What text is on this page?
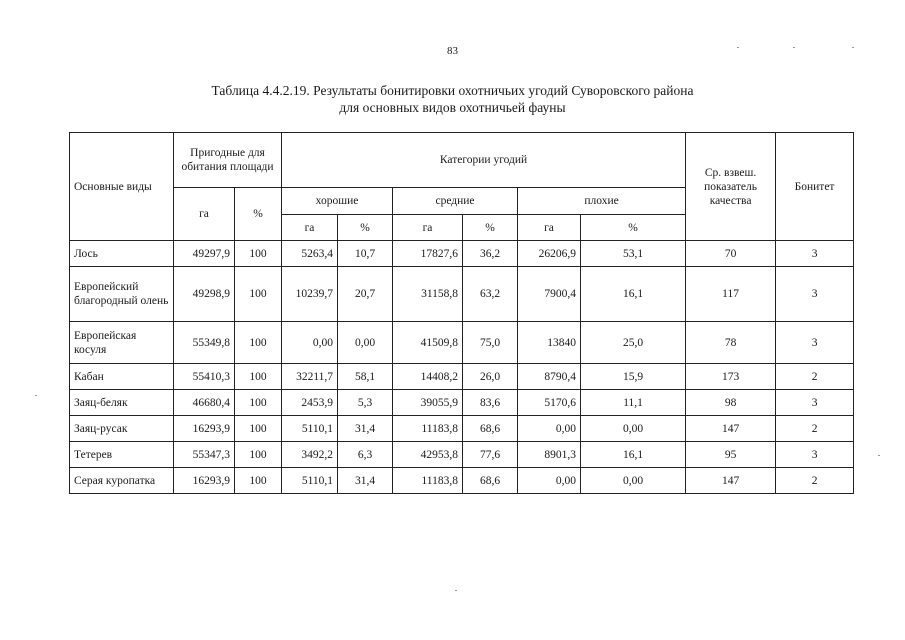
83
Таблица 4.4.2.19. Результаты бонитировки охотничьих угодий Суворовского района
для основных видов охотничьей фауны
Основные виды	Пригодные для обитания площади		Категории угодий						Ср. взвеш. показатель качества	Бонитет
	га	%	хорошие		средние		плохие			
			га	%	га	%	га	%		
Лось	49297,9	100	5263,4	10,7	17827,6	36,2	26206,9	53,1	70	3
Европейский благородный олень	49298,9	100	10239,7	20,7	31158,8	63,2	7900,4	16,1	117	3
Европейская косуля	55349,8	100	0,00	0,00	41509,8	75,0	13840	25,0	78	3
Кабан	55410,3	100	32211,7	58,1	14408,2	26,0	8790,4	15,9	173	2
Заяц-беляк	46680,4	100	2453,9	5,3	39055,9	83,6	5170,6	11,1	98	3
Заяц-русак	16293,9	100	5110,1	31,4	11183,8	68,6	0,00	0,00	147	2
Тетерев	55347,3	100	3492,2	6,3	42953,8	77,6	8901,3	16,1	95	3
Серая куропатка	16293,9	100	5110,1	31,4	11183,8	68,6	0,00	0,00	147	2
